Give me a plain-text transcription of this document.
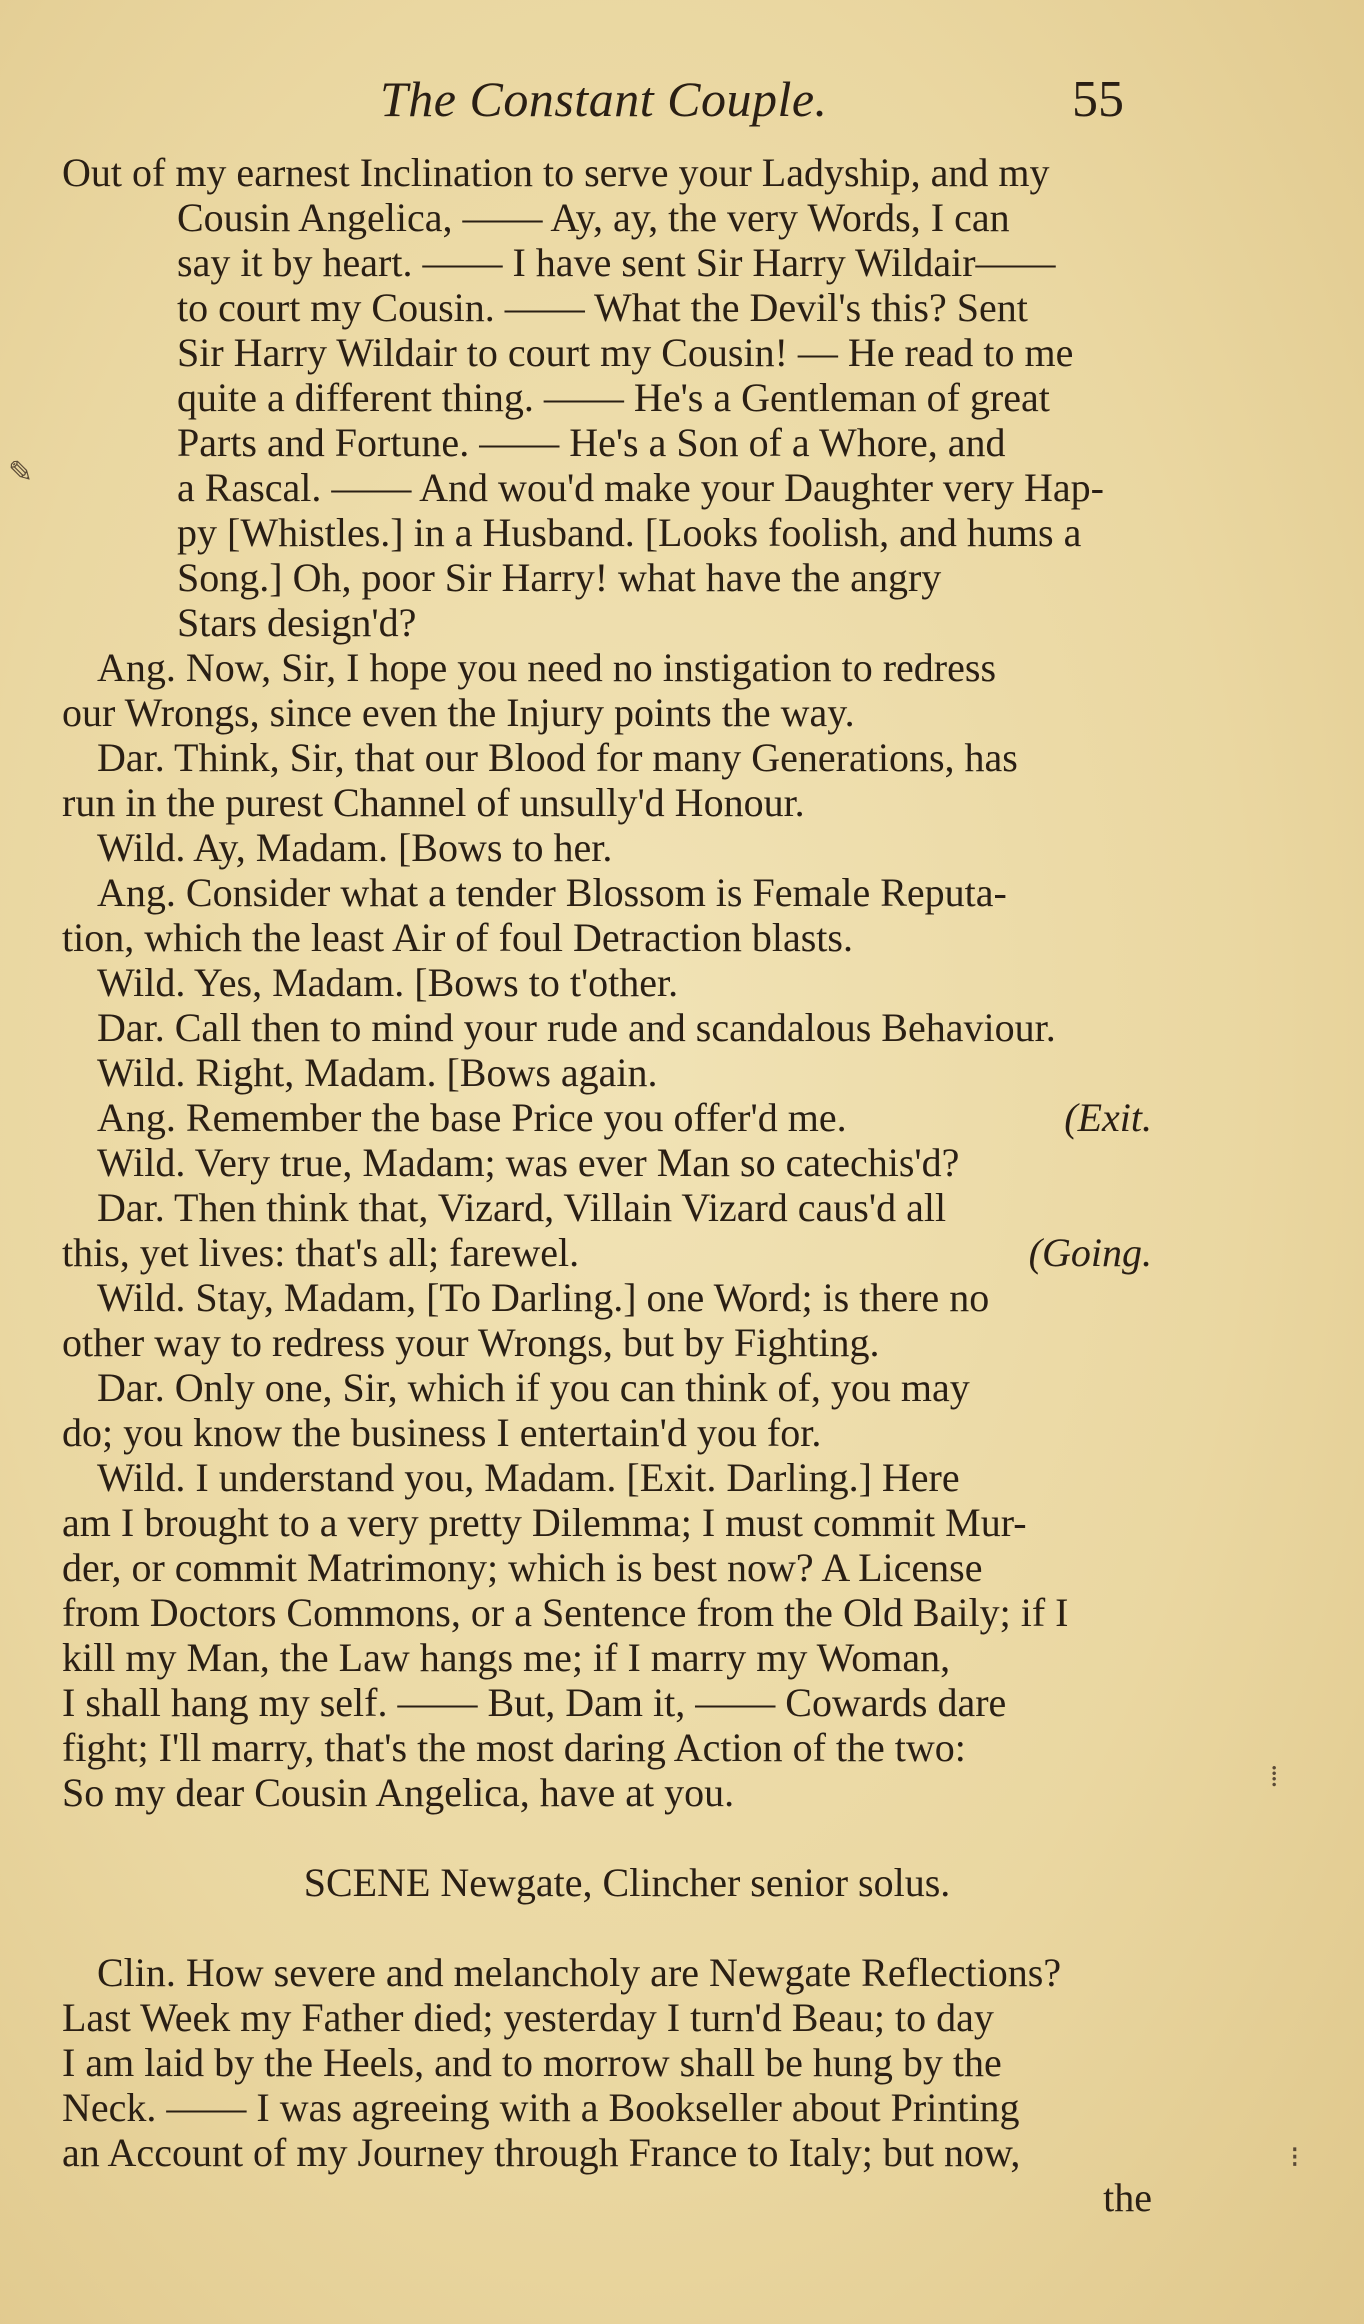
The Constant Couple.	55
Out of my earnest Inclination to serve your Ladyship, and my
Cousin Angelica, —— Ay, ay, the very Words, I can
say it by heart. —— I have sent Sir Harry Wildair——
to court my Cousin. —— What the Devil's this? Sent
Sir Harry Wildair to court my Cousin! — He read to me
quite a different thing. —— He's a Gentleman of great
Parts and Fortune. —— He's a Son of a Whore, and
a Rascal. —— And wou'd make your Daughter very Hap-
py [Whistles.] in a Husband. [Looks foolish, and hums a
Song.] Oh, poor Sir Harry! what have the angry
Stars design'd?
Ang. Now, Sir, I hope you need no instigation to redress
our Wrongs, since even the Injury points the way.
Dar. Think, Sir, that our Blood for many Generations, has
run in the purest Channel of unsully'd Honour.
Wild. Ay, Madam. [Bows to her.
Ang. Consider what a tender Blossom is Female Reputa-
tion, which the least Air of foul Detraction blasts.
Wild. Yes, Madam. [Bows to t'other.
Dar. Call then to mind your rude and scandalous Behaviour.
Wild. Right, Madam. [Bows again.
Ang. Remember the base Price you offer'd me.	(Exit.
Wild. Very true, Madam; was ever Man so catechis'd?
Dar. Then think that, Vizard, Villain Vizard caus'd all
this, yet lives: that's all; farewel.	(Going.
Wild. Stay, Madam, [To Darling.] one Word; is there no
other way to redress your Wrongs, but by Fighting.
Dar. Only one, Sir, which if you can think of, you may
do; you know the business I entertain'd you for.
Wild. I understand you, Madam. [Exit. Darling.] Here
am I brought to a very pretty Dilemma; I must commit Mur-
der, or commit Matrimony; which is best now? A License
from Doctors Commons, or a Sentence from the Old Baily; if I
kill my Man, the Law hangs me; if I marry my Woman,
I shall hang my self. —— But, Dam it, —— Cowards dare
fight; I'll marry, that's the most daring Action of the two:
So my dear Cousin Angelica, have at you.
SCENE Newgate, Clincher senior solus.
Clin. How severe and melancholy are Newgate Reflections?
Last Week my Father died; yesterday I turn'd Beau; to day
I am laid by the Heels, and to morrow shall be hung by the
Neck. —— I was agreeing with a Bookseller about Printing
an Account of my Journey through France to Italy; but now,
the
✎
⁞
⁝
